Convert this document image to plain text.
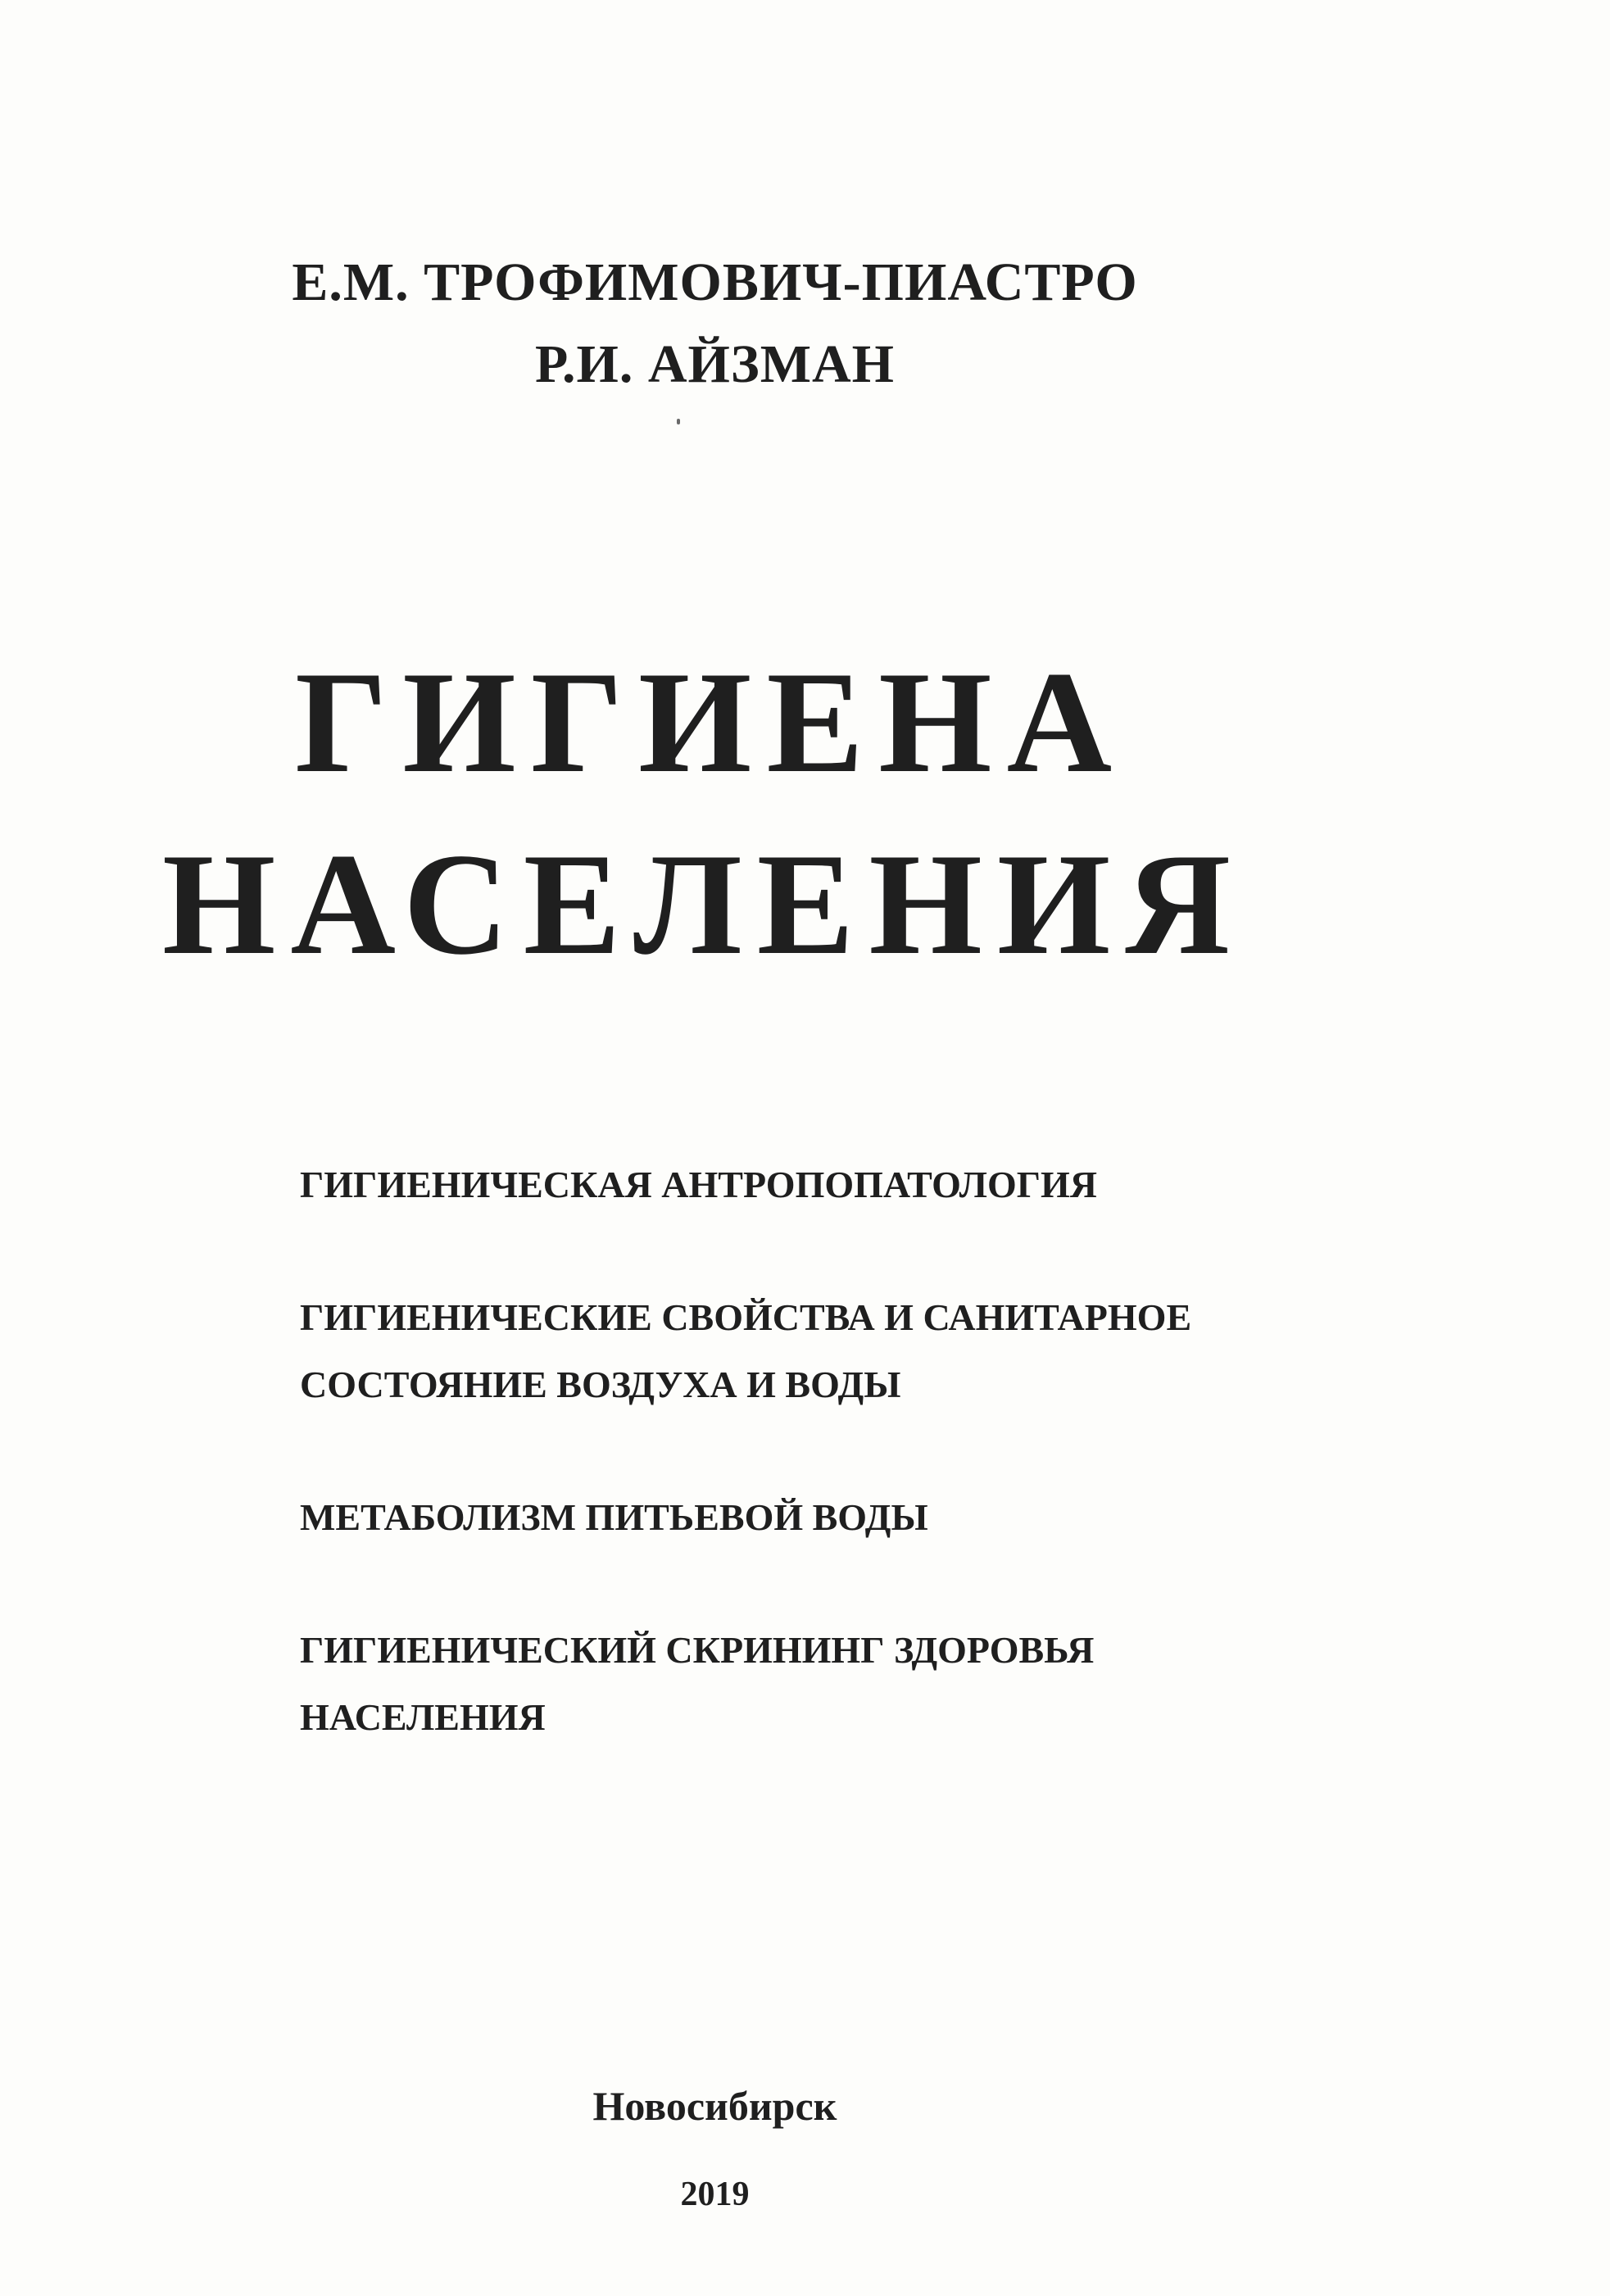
Е.М. ТРОФИМОВИЧ-ПИАСТРО
Р.И. АЙЗМАН
ГИГИЕНА
НАСЕЛЕНИЯ
ГИГИЕНИЧЕСКАЯ АНТРОПОПАТОЛОГИЯ
ГИГИЕНИЧЕСКИЕ СВОЙСТВА И САНИТАРНОЕ
СОСТОЯНИЕ ВОЗДУХА И ВОДЫ
МЕТАБОЛИЗМ ПИТЬЕВОЙ ВОДЫ
ГИГИЕНИЧЕСКИЙ СКРИНИНГ ЗДОРОВЬЯ
НАСЕЛЕНИЯ
Новосибирск
2019
